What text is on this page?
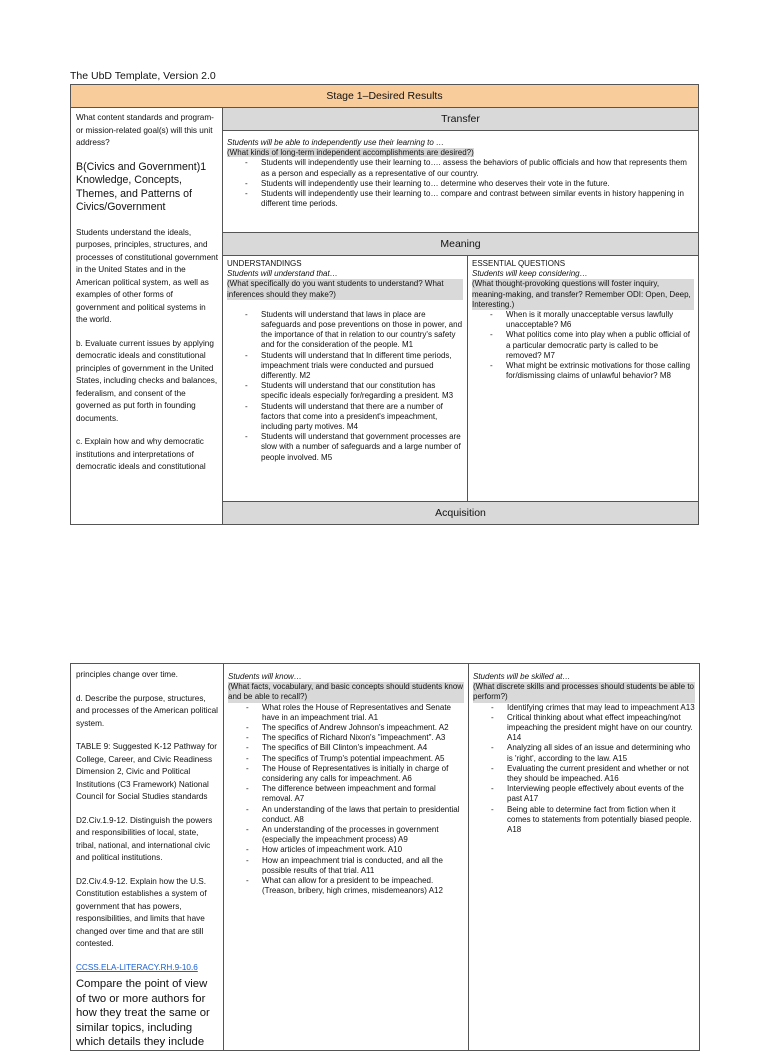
The UbD Template, Version 2.0
Stage 1–Desired Results

What content standards and program- or mission-related goal(s) will this unit address?

B(Civics and Government)1 Knowledge, Concepts, Themes, and Patterns of Civics/Government

Students understand the ideals, purposes, principles, structures, and processes of constitutional government in the United States and in the American political system, as well as examples of other forms of government and political systems in the world.

b. Evaluate current issues by applying democratic ideals and constitutional principles of government in the United States, including checks and balances, federalism, and consent of the governed as put forth in founding documents.

c. Explain how and why democratic institutions and interpretations of democratic ideals and constitutional

	Transfer

Students will be able to independently use their learning to …
(What kinds of long-term independent accomplishments are desired?)
- Students will independently use their learning to…. assess the behaviors of public officials and how that represents them as a person and especially as a representative of our country.
- Students will independently use their learning to… determine who deserves their vote in the future.
- Students will independently use their learning to… compare and contrast between similar events in history happening in different time periods.

Meaning

UNDERSTANDINGS
Students will understand that…
(What specifically do you want students to understand? What inferences should they make?)
- Students will understand that laws in place are safeguards and pose preventions on those in power, and the importance of that in relation to our country's safety and for the consideration of the people. M1
- Students will understand that In different time periods, impeachment trials were conducted and pursued differently. M2
- Students will understand that our constitution has specific ideals especially for/regarding a president. M3
- Students will understand that there are a number of factors that come into a president's impeachment, including party motives. M4
- Students will understand that government processes are slow with a number of safeguards and a large number of people involved. M5

ESSENTIAL QUESTIONS
Students will keep considering…
(What thought-provoking questions will foster inquiry, meaning-making, and transfer? Remember ODI: Open, Deep, Interesting.)
- When is it morally unacceptable versus lawfully unacceptable? M6
- What politics come into play when a public official of a particular democratic party is called to be removed? M7
- What might be extrinsic motivations for those calling for/dismissing claims of unlawful behavior? M8

Acquisition

principles change over time.

d. Describe the purpose, structures, and processes of the American political system.

TABLE 9: Suggested K-12 Pathway for College, Career, and Civic Readiness Dimension 2, Civic and Political Institutions (C3 Framework) National Council for Social Studies standards

D2.Civ.1.9-12. Distinguish the powers and responsibilities of local, state, tribal, national, and international civic and political institutions.

D2.Civ.4.9-12. Explain how the U.S. Constitution establishes a system of government that has powers, responsibilities, and limits that have changed over time and that are still contested.

CCSS.ELA-LITERACY.RH.9-10.6

Compare the point of view of two or more authors for how they treat the same or similar topics, including which details they include

Students will know…
(What facts, vocabulary, and basic concepts should students know and be able to recall?)
- What roles the House of Representatives and Senate have in an impeachment trial. A1
- The specifics of Andrew Johnson's impeachment. A2
- The specifics of Richard Nixon's "impeachment". A3
- The specifics of Bill Clinton's impeachment. A4
- The specifics of Trump's potential impeachment. A5
- The House of Representatives is initially in charge of considering any calls for impeachment. A6
- The difference between impeachment and formal removal. A7
- An understanding of the laws that pertain to presidential conduct. A8
- An understanding of the processes in government (especially the impeachment process) A9
- How articles of impeachment work. A10
- How an impeachment trial is conducted, and all the possible results of that trial. A11
- What can allow for a president to be impeached. (Treason, bribery, high crimes, misdemeanors) A12

Students will be skilled at…
(What discrete skills and processes should students be able to perform?)
- Identifying crimes that may lead to impeachment A13
- Critical thinking about what effect impeaching/not impeaching the president might have on our country. A14
- Analyzing all sides of an issue and determining who is 'right', according to the law. A15
- Evaluating the current president and whether or not they should be impeached. A16
- Interviewing people effectively about events of the past A17
- Being able to determine fact from fiction when it comes to statements from potentially biased people. A18
